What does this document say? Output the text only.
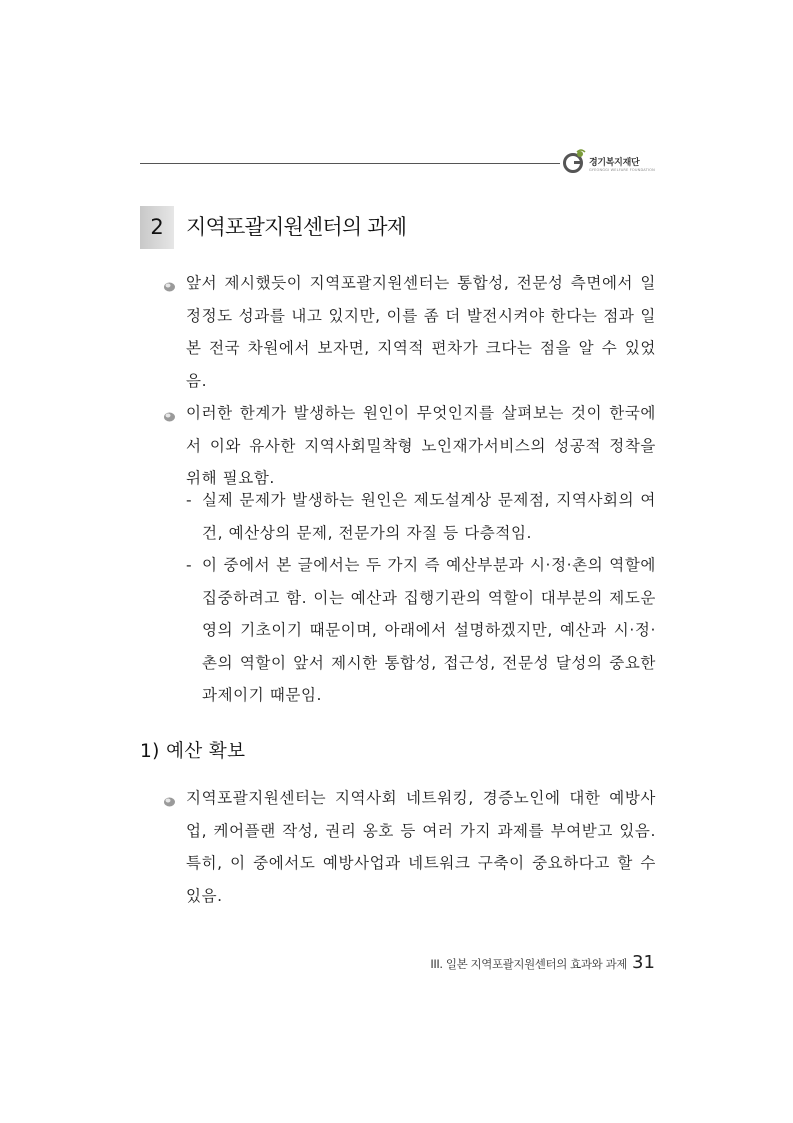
경기복지재단
GYEONGGI WELFARE FOUNDATION
2	지역포괄지원센터의 과제
앞서 제시했듯이 지역포괄지원센터는 통합성, 전문성 측면에서 일정정도 성과를 내고 있지만, 이를 좀 더 발전시켜야 한다는 점과 일본 전국 차원에서 보자면, 지역적 편차가 크다는 점을 알 수 있었음.
이러한 한계가 발생하는 원인이 무엇인지를 살펴보는 것이 한국에서 이와 유사한 지역사회밀착형 노인재가서비스의 성공적 정착을 위해 필요함.
- 실제 문제가 발생하는 원인은 제도설계상 문제점, 지역사회의 여건, 예산상의 문제, 전문가의 자질 등 다층적임.
- 이 중에서 본 글에서는 두 가지 즉 예산부분과 시·정·촌의 역할에 집중하려고 함. 이는 예산과 집행기관의 역할이 대부분의 제도운영의 기초이기 때문이며, 아래에서 설명하겠지만, 예산과 시·정·촌의 역할이 앞서 제시한 통합성, 접근성, 전문성 달성의 중요한 과제이기 때문임.
1) 예산 확보
지역포괄지원센터는 지역사회 네트워킹, 경증노인에 대한 예방사업, 케어플랜 작성, 권리 옹호 등 여러 가지 과제를 부여받고 있음. 특히, 이 중에서도 예방사업과 네트워크 구축이 중요하다고 할 수 있음.
III. 일본 지역포괄지원센터의 효과와 과제 31
